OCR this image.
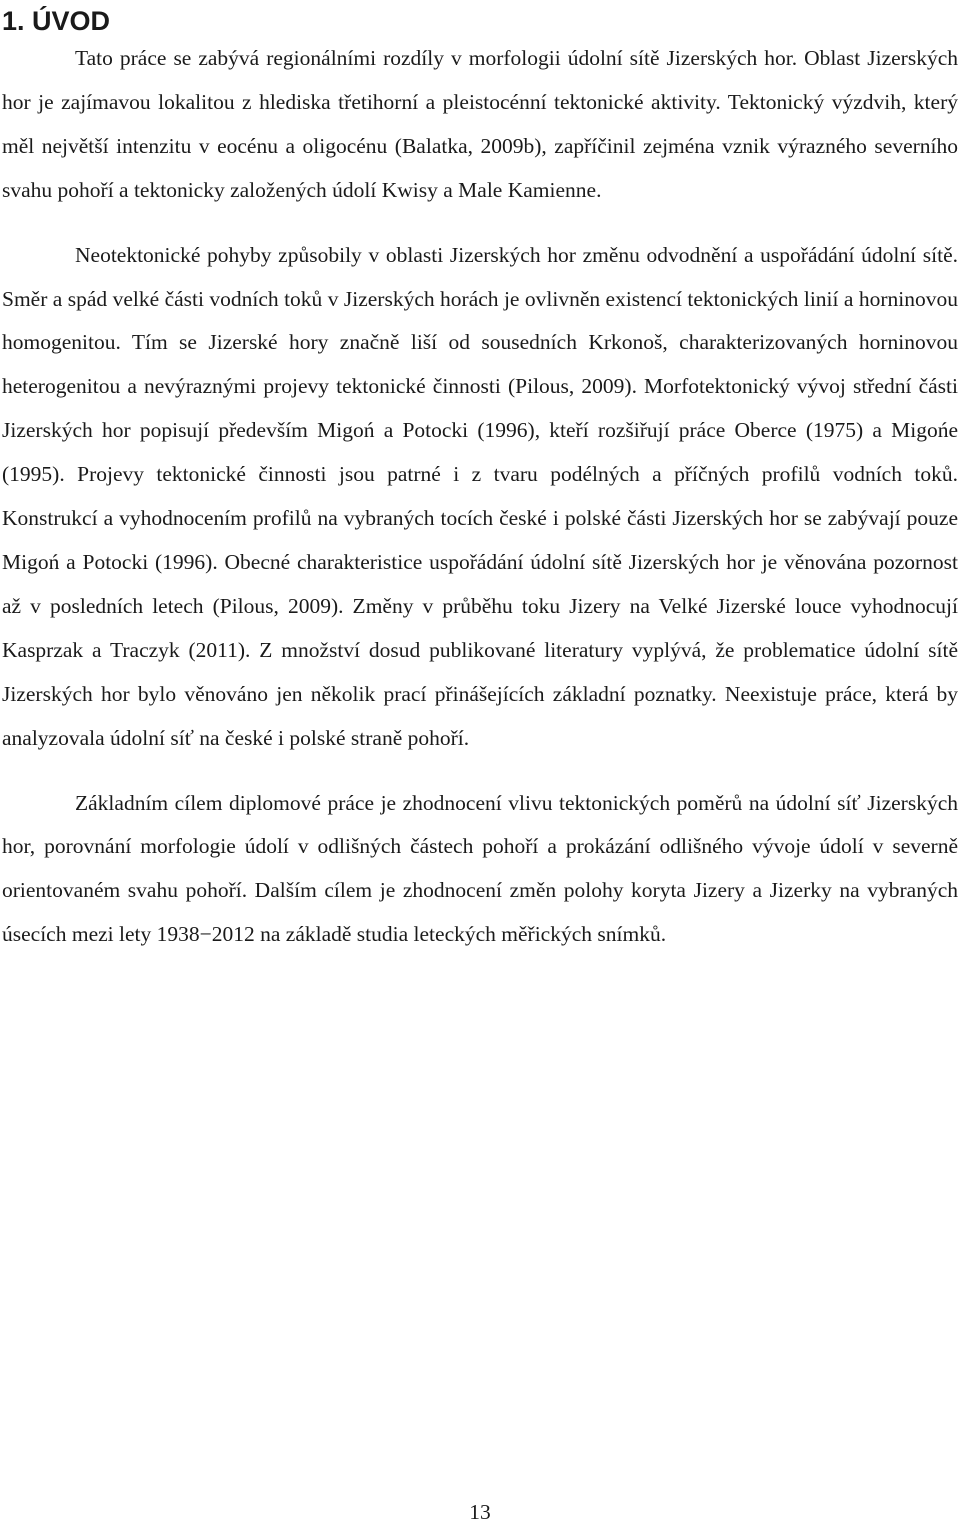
1. ÚVOD

Tato práce se zabývá regionálními rozdíly v morfologii údolní sítě Jizerských hor. Oblast Jizerských hor je zajímavou lokalitou z hlediska třetihorní a pleistocénní tektonické aktivity. Tektonický výzdvih, který měl největší intenzitu v eocénu a oligocénu (Balatka, 2009b), zapříčinil zejména vznik výrazného severního svahu pohoří a tektonicky založených údolí Kwisy a Male Kamienne.

Neotektonické pohyby způsobily v oblasti Jizerských hor změnu odvodnění a uspořádání údolní sítě. Směr a spád velké části vodních toků v Jizerských horách je ovlivněn existencí tektonických linií a horninovou homogenitou. Tím se Jizerské hory značně liší od sousedních Krkonoš, charakterizovaných horninovou heterogenitou a nevýraznými projevy tektonické činnosti (Pilous, 2009). Morfotektonický vývoj střední části Jizerských hor popisují především Migoń a Potocki (1996), kteří rozšiřují práce Oberce (1975) a Migońe (1995). Projevy tektonické činnosti jsou patrné i z tvaru podélných a příčných profilů vodních toků. Konstrukcí a vyhodnocením profilů na vybraných tocích české i polské části Jizerských hor se zabývají pouze Migoń a Potocki (1996). Obecné charakteristice uspořádání údolní sítě Jizerských hor je věnována pozornost až v posledních letech (Pilous, 2009). Změny v průběhu toku Jizery na Velké Jizerské louce vyhodnocují Kasprzak a Traczyk (2011). Z množství dosud publikované literatury vyplývá, že problematice údolní sítě Jizerských hor bylo věnováno jen několik prací přinášejících základní poznatky. Neexistuje práce, která by analyzovala údolní síť na české i polské straně pohoří.

Základním cílem diplomové práce je zhodnocení vlivu tektonických poměrů na údolní síť Jizerských hor, porovnání morfologie údolí v odlišných částech pohoří a prokázání odlišného vývoje údolí v severně orientovaném svahu pohoří. Dalším cílem je zhodnocení změn polohy koryta Jizery a Jizerky na vybraných úsecích mezi lety 1938−2012 na základě studia leteckých měřických snímků.

13
